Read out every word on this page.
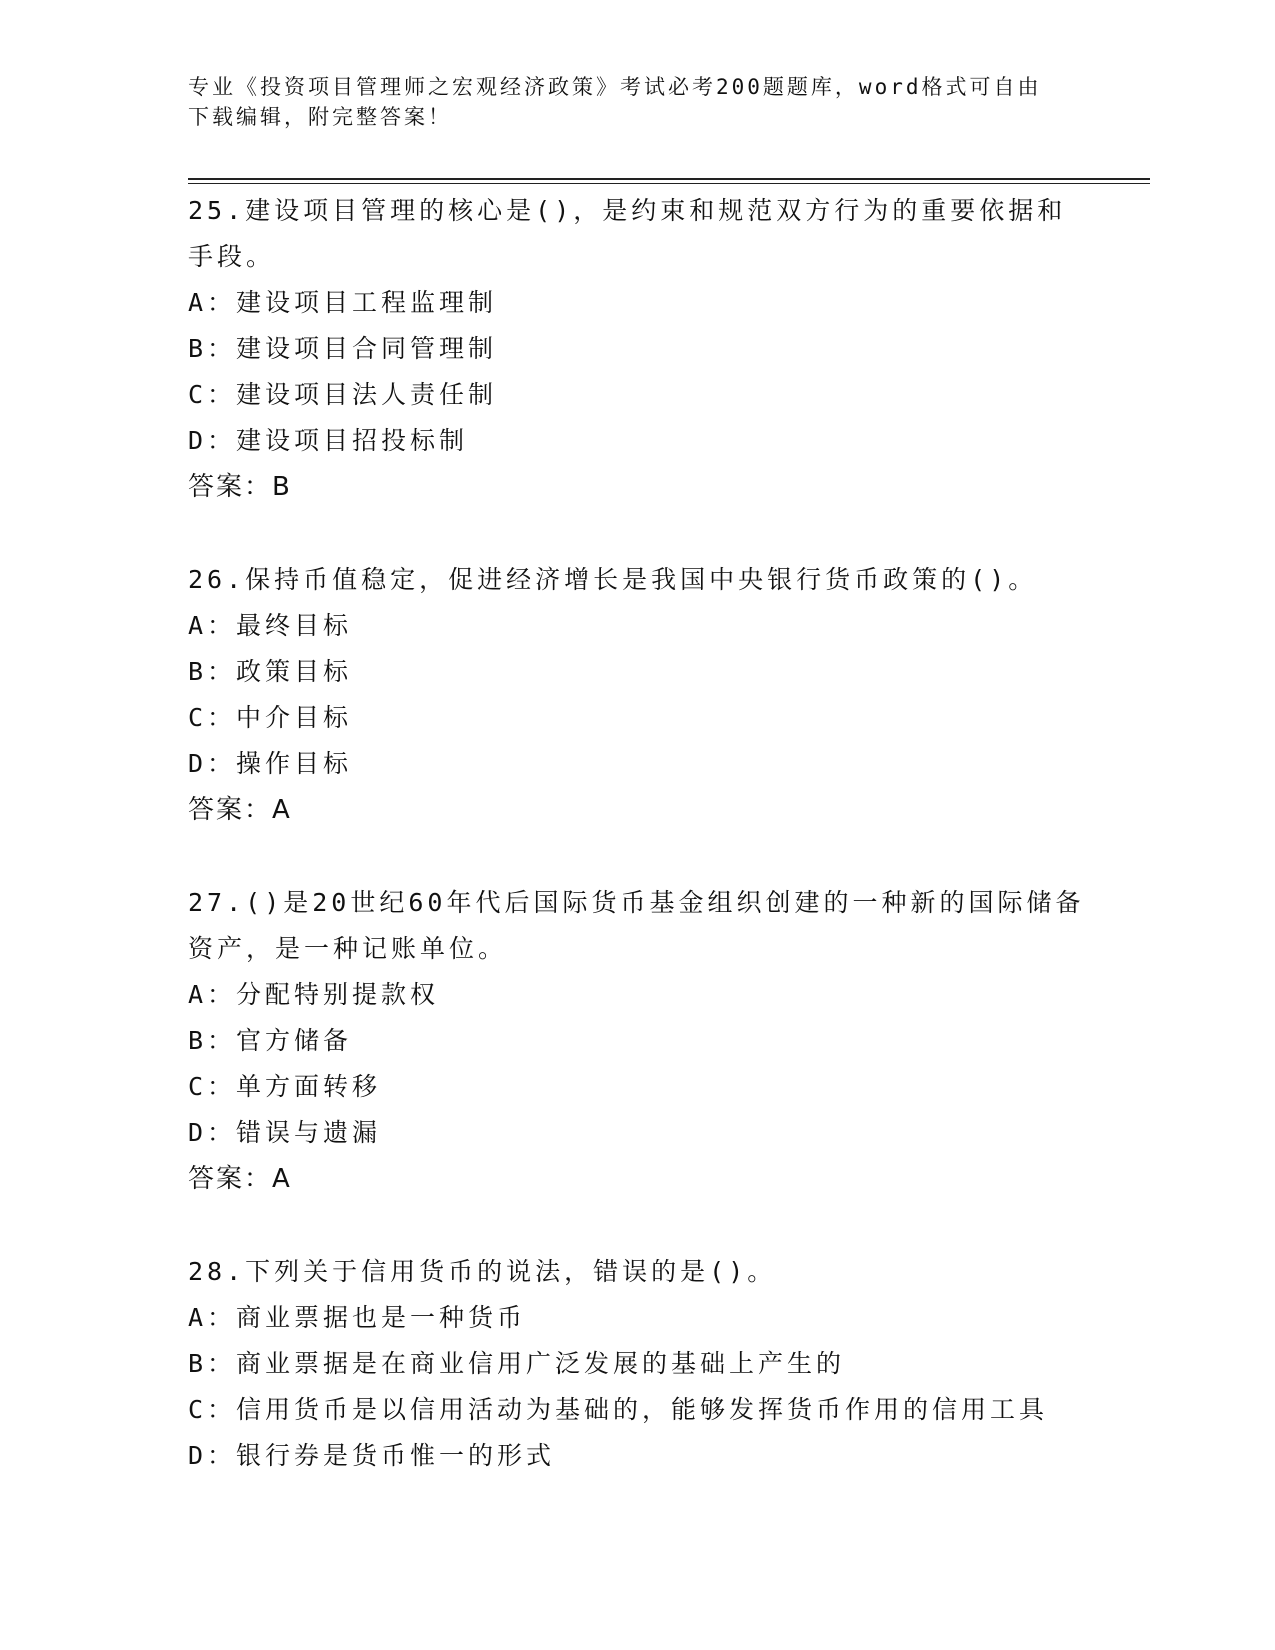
专业《投资项目管理师之宏观经济政策》考试必考200题题库，word格式可自由
下载编辑，附完整答案！

25.建设项目管理的核心是()，是约束和规范双方行为的重要依据和手段。

A：建设项目工程监理制
B：建设项目合同管理制
C：建设项目法人责任制
D：建设项目招投标制
答案：B

26.保持币值稳定，促进经济增长是我国中央银行货币政策的()。

A：最终目标
B：政策目标
C：中介目标
D：操作目标
答案：A

27.()是20世纪60年代后国际货币基金组织创建的一种新的国际储备资产，是一种记账单位。

A：分配特别提款权
B：官方储备
C：单方面转移
D：错误与遗漏
答案：A

28.下列关于信用货币的说法，错误的是()。

A：商业票据也是一种货币
B：商业票据是在商业信用广泛发展的基础上产生的
C：信用货币是以信用活动为基础的，能够发挥货币作用的信用工具
D：银行券是货币惟一的形式
